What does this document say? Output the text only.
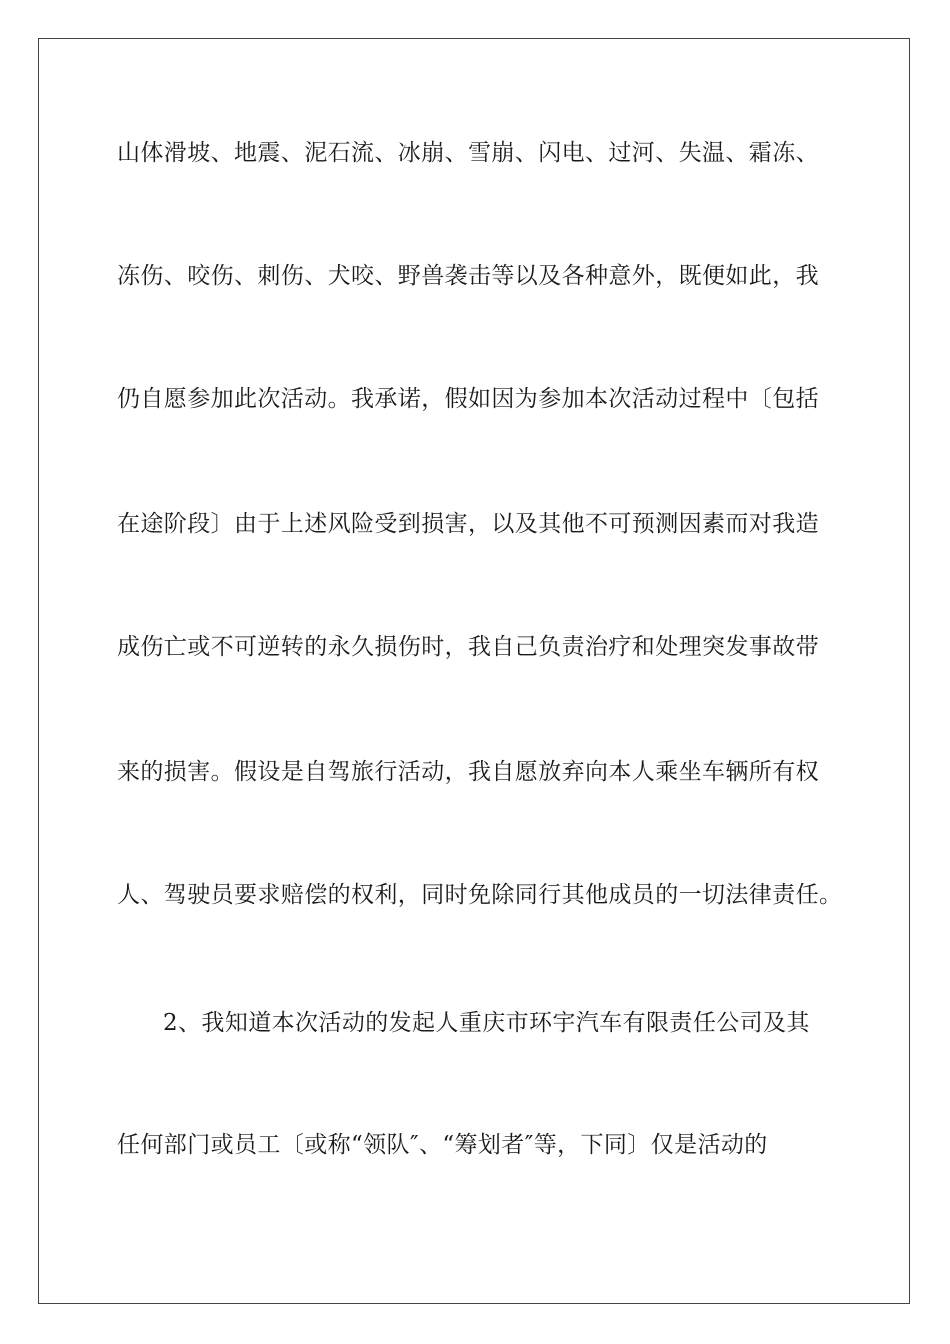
山体滑坡、地震、泥石流、冰崩、雪崩、闪电、过河、失温、霜冻、
冻伤、咬伤、刺伤、犬咬、野兽袭击等以及各种意外，既便如此，我
仍自愿参加此次活动。我承诺，假如因为参加本次活动过程中〔包括
在途阶段〕由于上述风险受到损害，以及其他不可预测因素而对我造
成伤亡或不可逆转的永久损伤时，我自己负责治疗和处理突发事故带
来的损害。假设是自驾旅行活动，我自愿放弃向本人乘坐车辆所有权
人、驾驶员要求赔偿的权利，同时免除同行其他成员的一切法律责任。
2、我知道本次活动的发起人重庆市环宇汽车有限责任公司及其
任何部门或员工〔或称“领队″、“筹划者″等，下同〕仅是活动的
